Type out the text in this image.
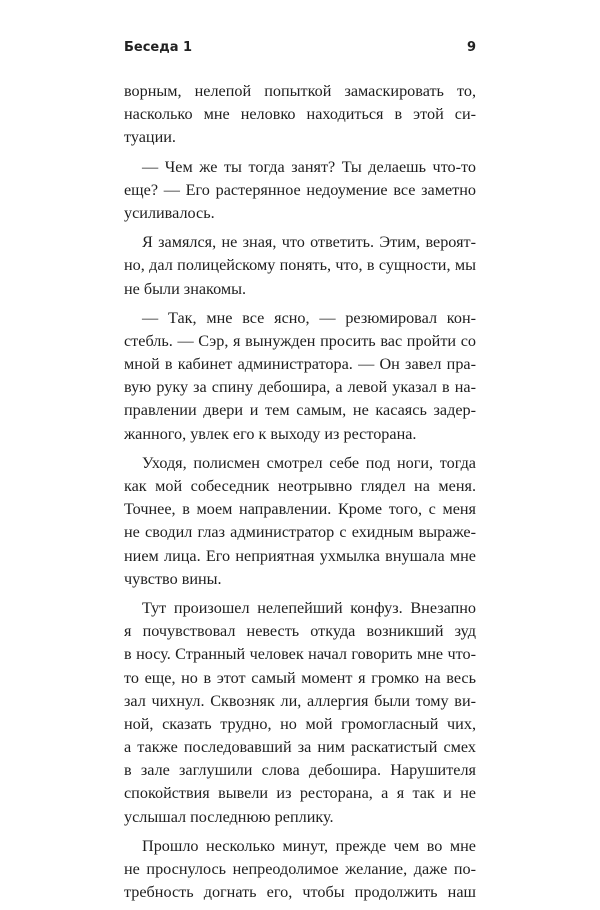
Беседа 1	9
ворным, нелепой попыткой замаскировать то,
насколько мне неловко находиться в этой си-
туации.
— Чем же ты тогда занят? Ты делаешь что-то
еще? — Его растерянное недоумение все заметно
усиливалось.
Я замялся, не зная, что ответить. Этим, вероят-
но, дал полицейскому понять, что, в сущности, мы
не были знакомы.
— Так, мне все ясно, — резюмировал кон-
стебль. — Сэр, я вынужден просить вас пройти со
мной в кабинет администратора. — Он завел пра-
вую руку за спину дебошира, а левой указал в на-
правлении двери и тем самым, не касаясь задер-
жанного, увлек его к выходу из ресторана.
Уходя, полисмен смотрел себе под ноги, тогда
как мой собеседник неотрывно глядел на меня.
Точнее, в моем направлении. Кроме того, с меня
не сводил глаз администратор с ехидным выраже-
нием лица. Его неприятная ухмылка внушала мне
чувство вины.
Тут произошел нелепейший конфуз. Внезапно
я почувствовал невесть откуда возникший зуд
в носу. Странный человек начал говорить мне что-
то еще, но в этот самый момент я громко на весь
зал чихнул. Сквозняк ли, аллергия были тому ви-
ной, сказать трудно, но мой громогласный чих,
а также последовавший за ним раскатистый смех
в зале заглушили слова дебошира. Нарушителя
спокойствия вывели из ресторана, а я так и не
услышал последнюю реплику.
Прошло несколько минут, прежде чем во мне
не проснулось непреодолимое желание, даже по-
требность догнать его, чтобы продолжить наш
